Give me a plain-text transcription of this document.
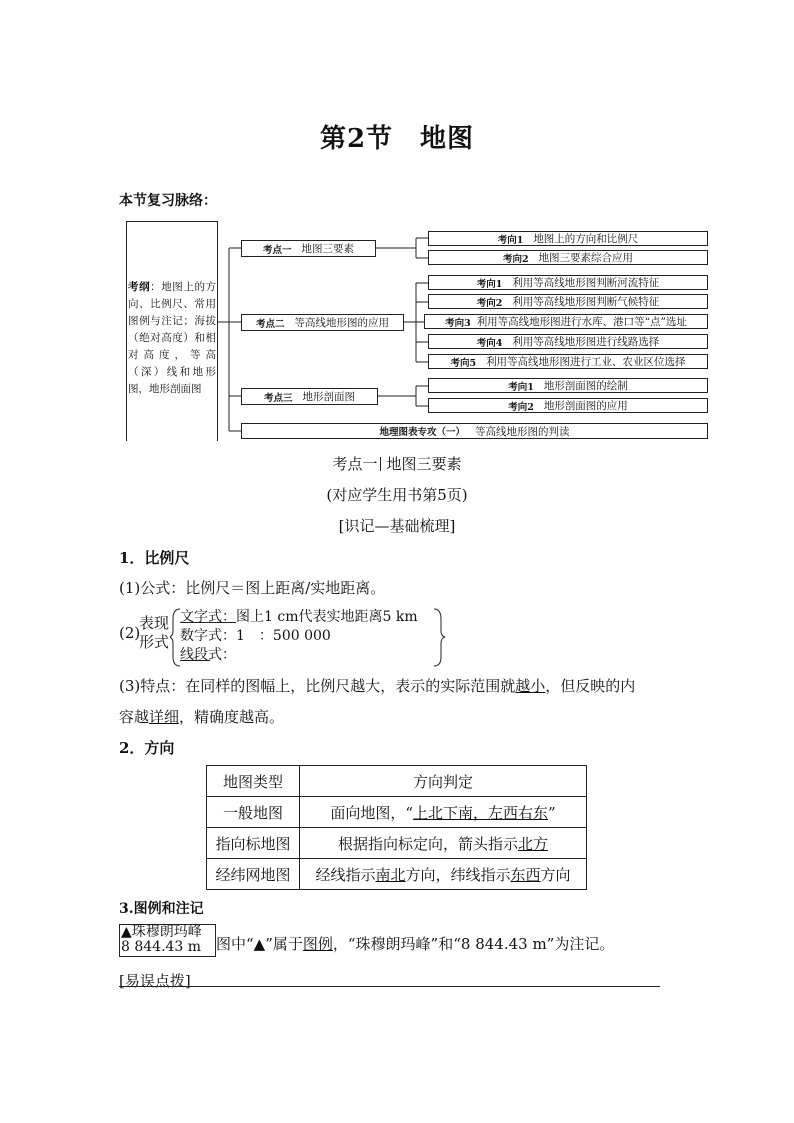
第2节　地图
本节复习脉络：
考纲：地图上的方向、比例尺、常用图例与注记；海拔（绝对高度）和相对高度，等高（深）线和地形图，地形剖面图
考点一 地图三要素
考向1 地图上的方向和比例尺
考向2 地图三要素综合应用
考点二 等高线地形图的应用
考向1 利用等高线地形图判断河流特征
考向2 利用等高线地形图判断气候特征
考向3 利用等高线地形图进行水库、港口等“点”选址
考向4 利用等高线地形图进行线路选择
考向5 利用等高线地形图进行工业、农业区位选择
考点三 地形剖面图
考向1 地形剖面图的绘制
考向2 地形剖面图的应用
地理图表专攻（一） 等高线地形图的判读
考点一 地图三要素
(对应学生用书第5页)
[识记—基础梳理]
1．比例尺
(1)公式：比例尺＝图上距离/实地距离。
(2)
表现
形式
文字式：图上1 cm代表实地距离5 km
数字式：1　：500 000
线段式：
(3)特点：在同样的图幅上，比例尺越大，表示的实际范围就越小，但反映的内
容越详细，精确度越高。
2．方向
地图类型	方向判定
一般地图	面向地图，“上北下南，左西右东”
指向标地图	根据指向标定向，箭头指示北方
经纬网地图	经线指示南北方向，纬线指示东西方向
3.图例和注记
▲珠穆朗玛峰
8 844.43 m 图中“▲”属于图例，“珠穆朗玛峰”和“8 844.43 m”为注记。
[易误点拨]
